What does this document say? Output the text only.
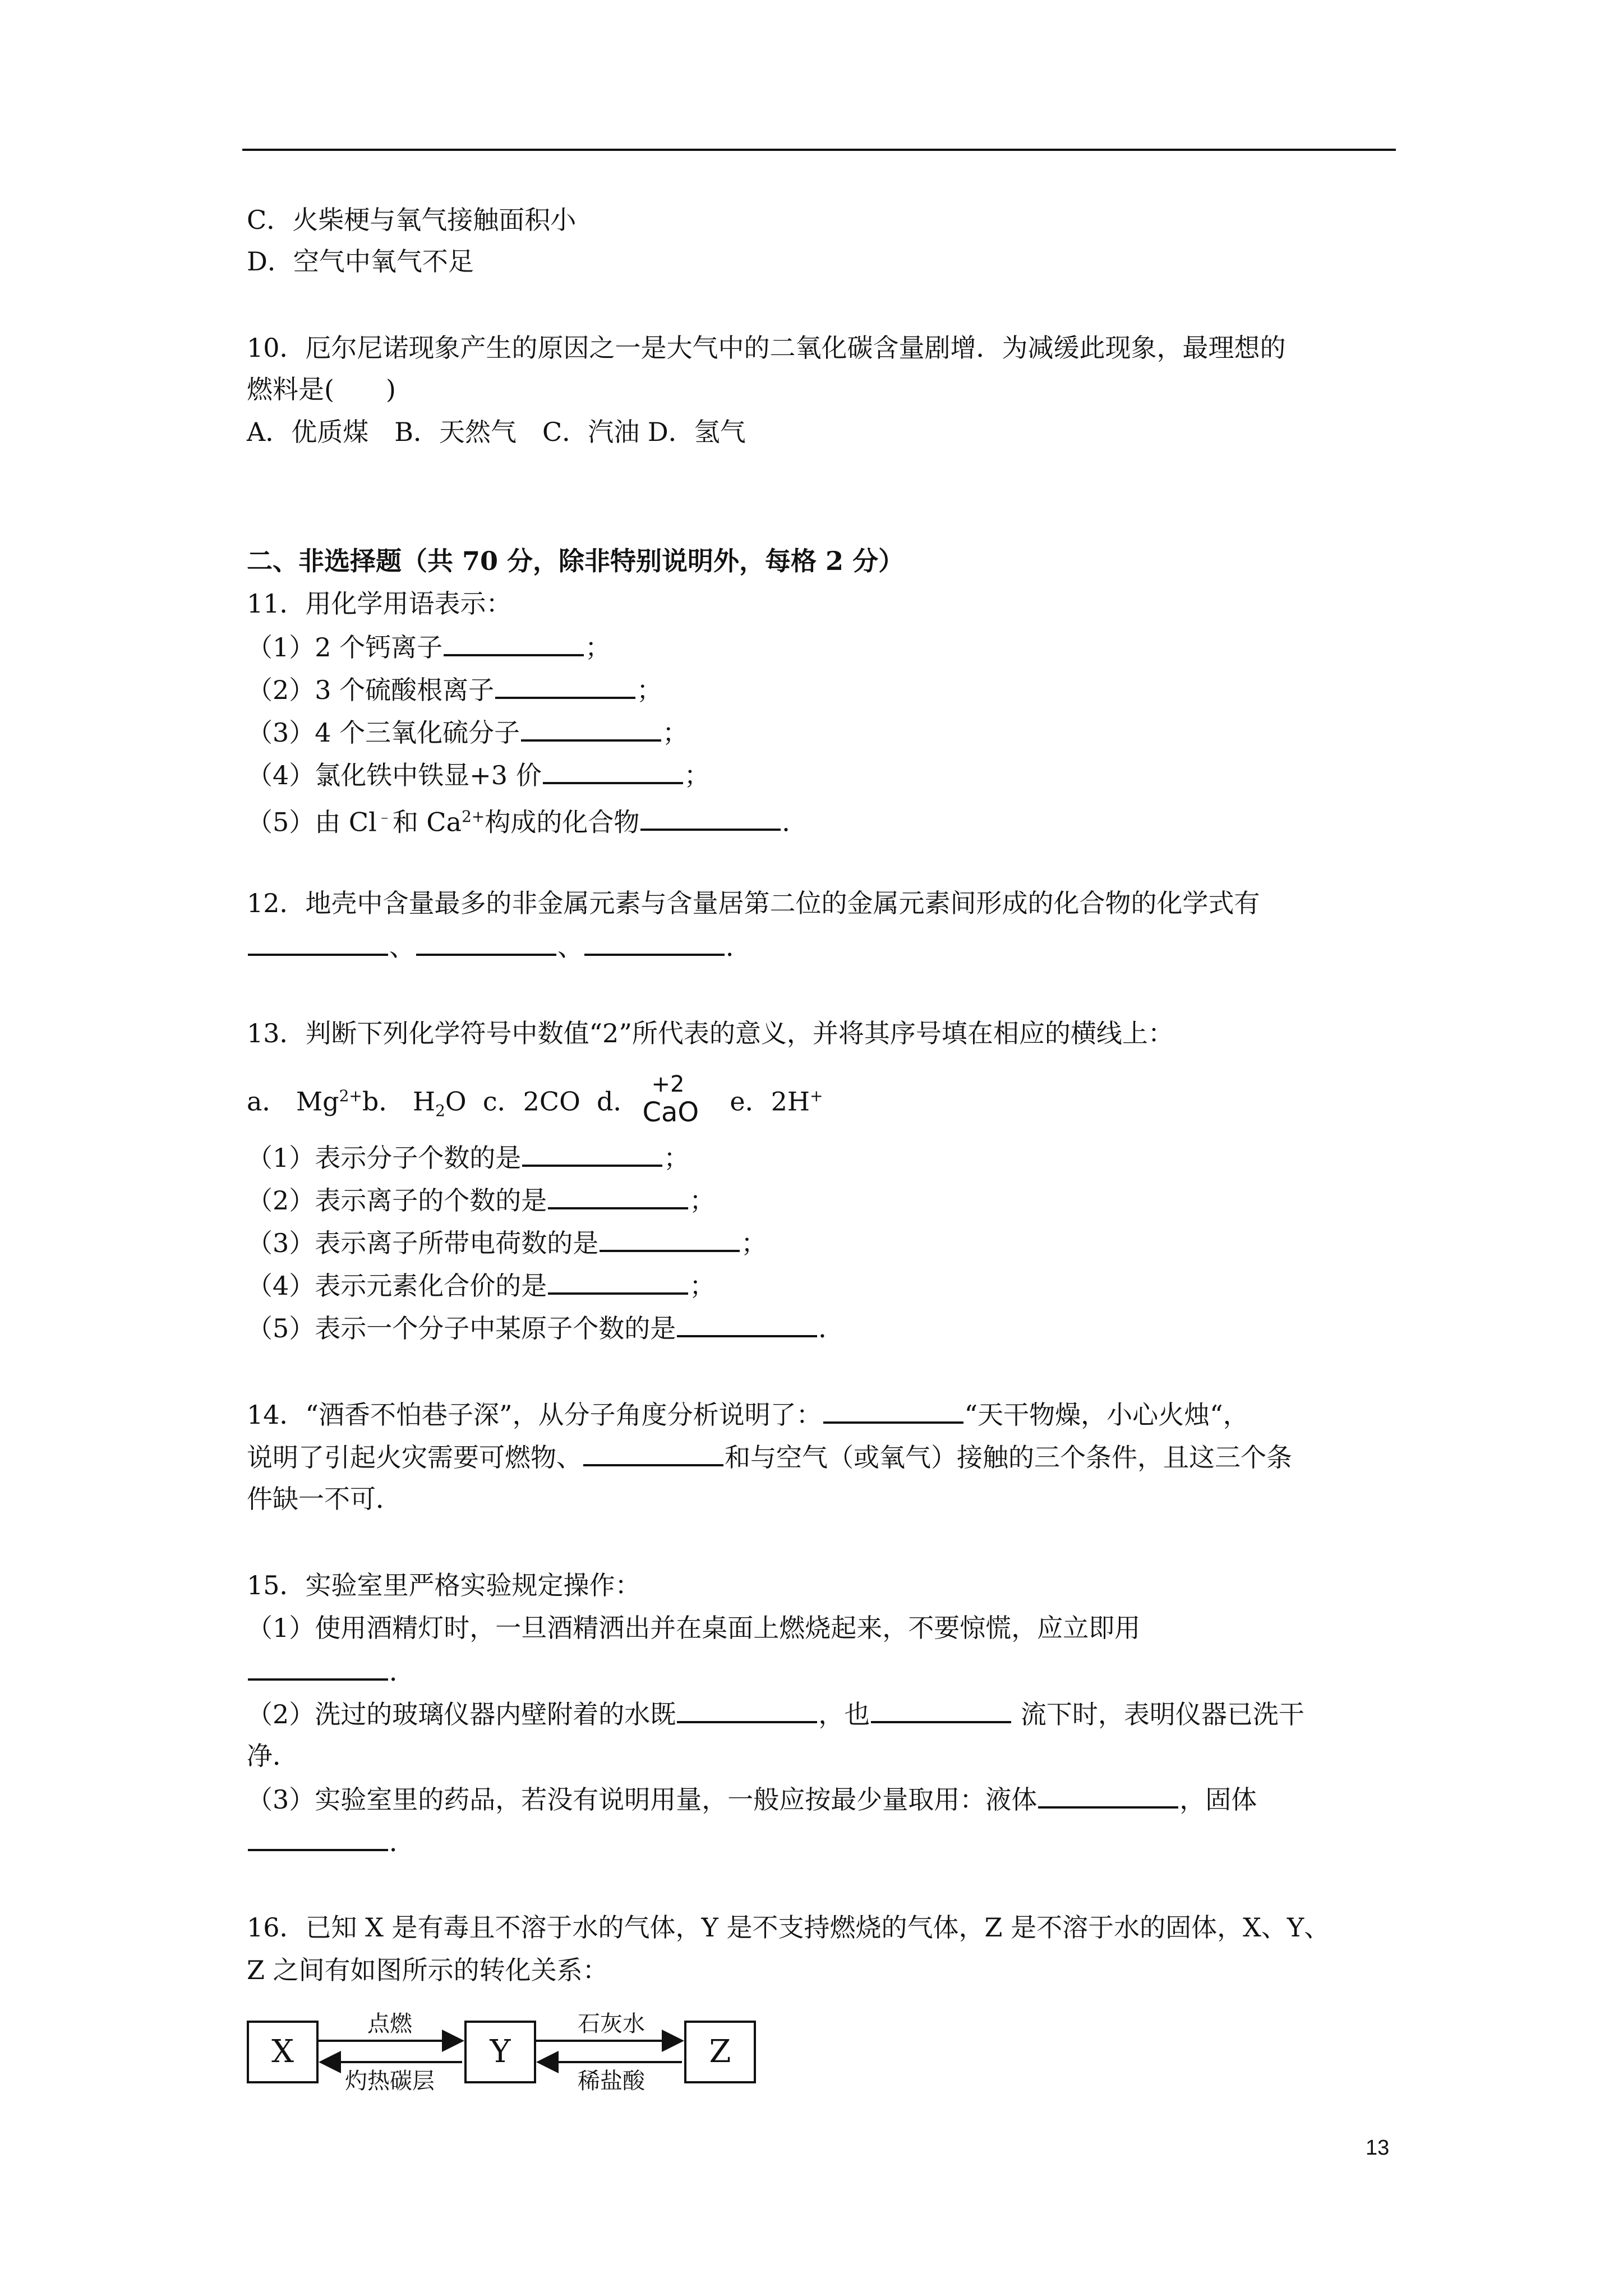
C．火柴梗与氧气接触面积小
D．空气中氧气不足
10．厄尔尼诺现象产生的原因之一是大气中的二氧化碳含量剧增．为减缓此现象，最理想的
燃料是(　　)
A．优质煤　B．天然气　C．汽油 D．氢气
二、非选择题（共 70 分，除非特别说明外，每格 2 分）
11．用化学用语表示：
（1）2 个钙离子	；
（2）3 个硫酸根离子	；
（3）4 个三氧化硫分子	；
（4）氯化铁中铁显+3 价	；
（5）由 Cl﹣和 $Ca^{2+}$构成的化合物	．
12．地壳中含量最多的非金属元素与含量居第二位的金属元素间形成的化合物的化学式有
、	、	．
13．判断下列化学符号中数值“2”所代表的意义，并将其序号填在相应的横线上：
a． $Mg^{2+}b$． $H_2O$ c．2CO d．
+2
CaO e．2H+
（1）表示分子个数的是	；
（2）表示离子的个数的是	；
（3）表示离子所带电荷数的是	；
（4）表示元素化合价的是	；
（5）表示一个分子中某原子个数的是	．
14．“酒香不怕巷子深”，从分子角度分析说明了：	“天干物燥，小心火烛“，
说明了引起火灾需要可燃物、	和与空气（或氧气）接触的三个条件，且这三个条
件缺一不可．
15．实验室里严格实验规定操作：
（1）使用酒精灯时，一旦酒精洒出并在桌面上燃烧起来，不要惊慌，应立即用
．
（2）洗过的玻璃仪器内壁附着的水既	，也	流下时，表明仪器已洗干
净．
（3）实验室里的药品，若没有说明用量，一般应按最少量取用：液体	，固体
．
16．已知 X 是有毒且不溶于水的气体，Y 是不支持燃烧的气体，Z 是不溶于水的固体，X、Y、
Z 之间有如图所示的转化关系：
X	Y	Z
点燃
灼热碳层
石灰水
稀盐酸
13
